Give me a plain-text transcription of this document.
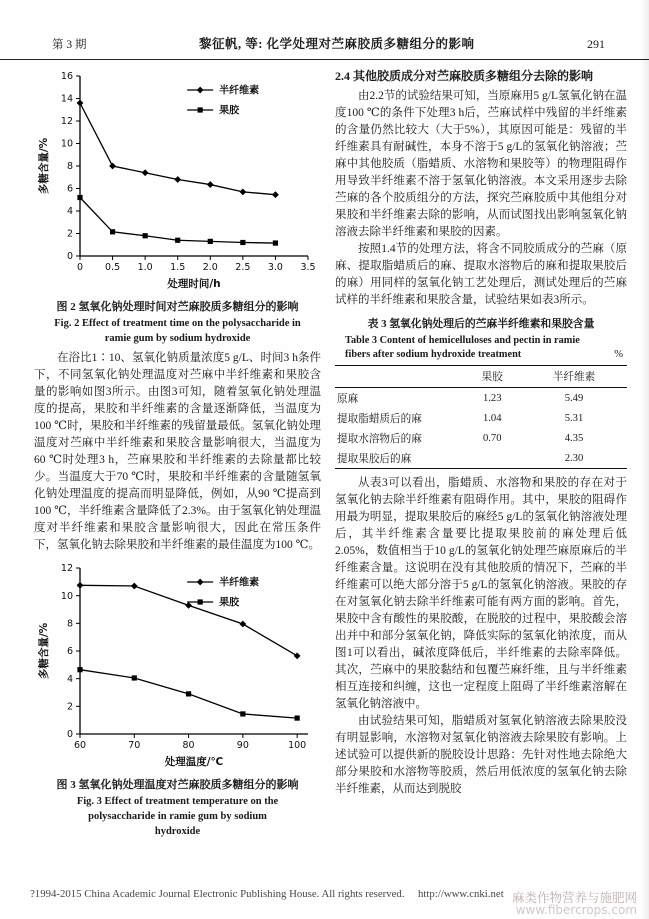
第 3 期	黎征帆, 等: 化学处理对苎麻胶质多糖组分的影响	291
0
2
4
6
8
10
12
14
16
0 0.5 1.0 1.5 2.0 2.5 3.0 3.5
处理时间/h
多糖含量/%
半纤维素
果胶
图 2 氢氧化钠处理时间对苎麻胶质多糖组分的影响
Fig. 2 Effect of treatment time on the polysaccharide in ramie gum by sodium hydroxide

在浴比1∶10、氢氧化钠质量浓度5 g/L、时间3 h条件下，不同氢氧化钠处理温度对苎麻中半纤维素和果胶含量的影响如图3所示。由图3可知，随着氢氧化钠处理温度的提高，果胶和半纤维素的含量逐渐降低，当温度为100 ℃时，果胶和半纤维素的残留量最低。氢氧化钠处理温度对苎麻中半纤维素和果胶含量影响很大，当温度为60 ℃时处理3 h，苎麻果胶和半纤维素的去除量都比较少。当温度大于70 ℃时，果胶和半纤维素的含量随氢氧化钠处理温度的提高而明显降低，例如，从90 ℃提高到100 ℃，半纤维素含量降低了2.3%。由于氢氧化钠处理温度对半纤维素和果胶含量影响很大，因此在常压条件下，氢氧化钠去除果胶和半纤维素的最佳温度为100 ℃。

0
2
4
6
8
10
12
60	70	80	90	100
处理温度/℃
多糖含量/%
半纤维素
果胶
图 3 氢氧化钠处理温度对苎麻胶质多糖组分的影响
Fig. 3 Effect of treatment temperature on the polysaccharide in ramie gum by sodium hydroxide
2.4 其他胶质成分对苎麻胶质多糖组分去除的影响

由2.2节的试验结果可知，当原麻用5 g/L氢氧化钠在温度100 ℃的条件下处理3 h后，苎麻试样中残留的半纤维素的含量仍然比较大（大于5%），其原因可能是：残留的半纤维素具有耐碱性，本身不溶于5 g/L的氢氧化钠溶液；苎麻中其他胶质（脂蜡质、水溶物和果胶等）的物理阻碍作用导致半纤维素不溶于氢氧化钠溶液。本文采用逐步去除苎麻的各个胶质组分的方法，探究苎麻胶质中其他组分对果胶和半纤维素去除的影响，从而试图找出影响氢氧化钠溶液去除半纤维素和果胶的因素。

按照1.4节的处理方法，将含不同胶质成分的苎麻（原麻、提取脂蜡质后的麻、提取水溶物后的麻和提取果胶后的麻）用同样的氢氧化钠工艺处理后，测试处理后的苎麻试样的半纤维素和果胶含量，试验结果如表3所示。

表 3 氢氧化钠处理后的苎麻半纤维素和果胶含量
Table 3 Content of hemicelluloses and pectin in ramie fibers after sodium hydroxide treatment	%
	果胶	半纤维素
原麻	1.23	5.49
提取脂蜡质后的麻	1.04	5.31
提取水溶物后的麻	0.70	4.35
提取果胶后的麻		2.30

从表3可以看出，脂蜡质、水溶物和果胶的存在对于氢氧化钠去除半纤维素有阻碍作用。其中，果胶的阻碍作用最为明显，提取果胶后的麻经5 g/L的氢氧化钠溶液处理后，其半纤维素含量要比提取果胶前的麻处理后低2.05%，数值相当于10 g/L的氢氧化钠处理苎麻原麻后的半纤维素含量。这说明在没有其他胶质的情况下，苎麻的半纤维素可以绝大部分溶于5 g/L的氢氧化钠溶液。果胶的存在对氢氧化钠去除半纤维素可能有两方面的影响。首先，果胶中含有酸性的果胶酸，在脱胶的过程中，果胶酸会溶出并中和部分氢氧化钠，降低实际的氢氧化钠浓度，而从图1可以看出，碱浓度降低后，半纤维素的去除率降低。其次，苎麻中的果胶黏结和包覆苎麻纤维，且与半纤维素相互连接和纠缠，这也一定程度上阻碍了半纤维素溶解在氢氧化钠溶液中。

由试验结果可知，脂蜡质对氢氧化钠溶液去除果胶没有明显影响，水溶物对氢氧化钠溶液去除果胶有影响。上述试验可以提供新的脱胶设计思路：先针对性地去除绝大部分果胶和水溶物等胶质，然后用低浓度的氢氧化钠去除半纤维素，从而达到脱胶

?1994-2015 China Academic Journal Electronic Publishing House. All rights reserved. http://www.cnki.net 麻类作物营养与施肥网
www.fibercrops.com
